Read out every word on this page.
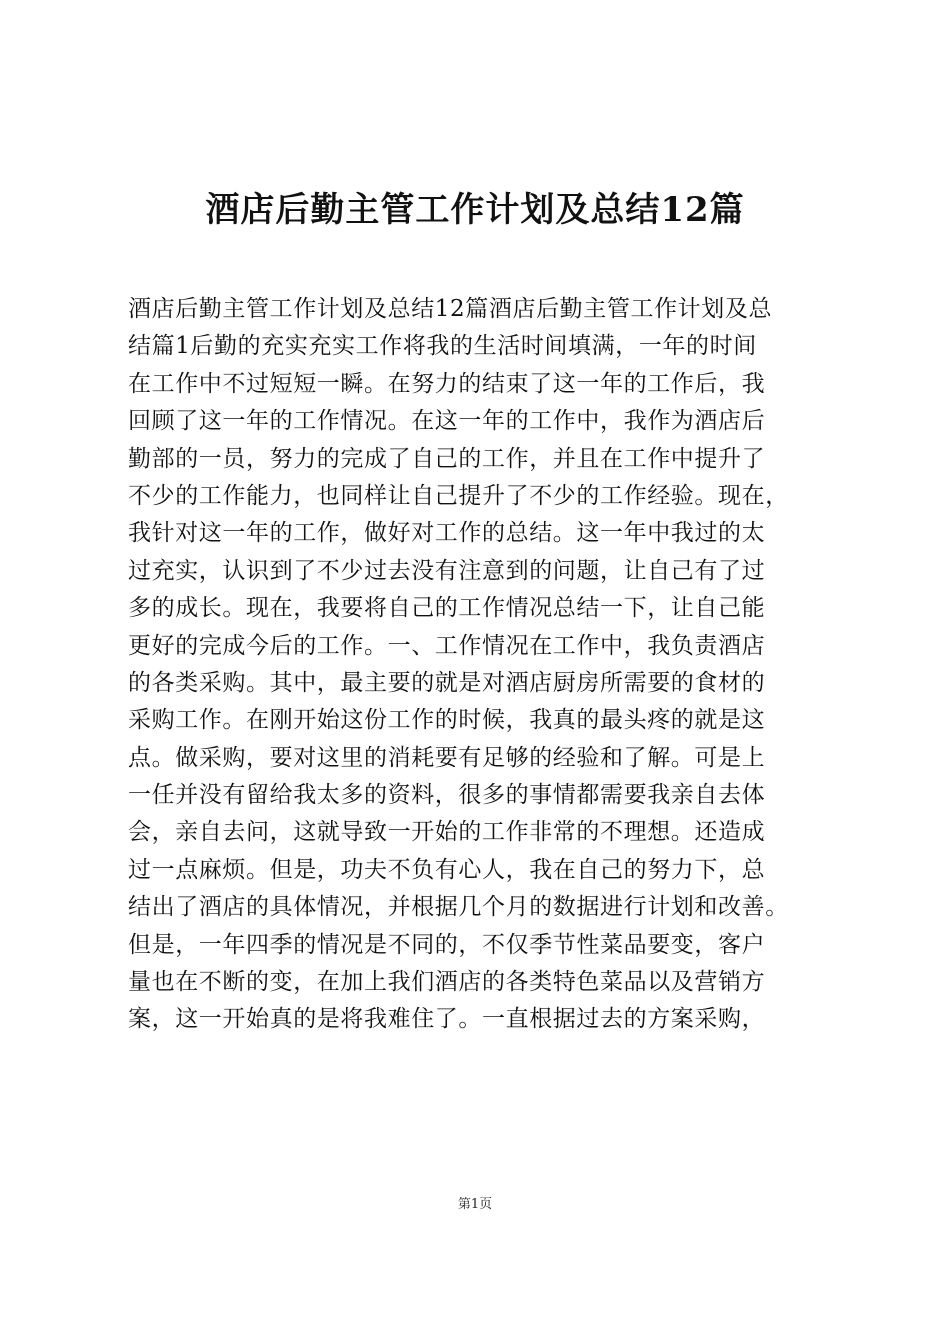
酒店后勤主管工作计划及总结12篇
酒店后勤主管工作计划及总结12篇酒店后勤主管工作计划及总
结篇1后勤的充实充实工作将我的生活时间填满，一年的时间
在工作中不过短短一瞬。在努力的结束了这一年的工作后，我
回顾了这一年的工作情况。在这一年的工作中，我作为酒店后
勤部的一员，努力的完成了自己的工作，并且在工作中提升了
不少的工作能力，也同样让自己提升了不少的工作经验。现在，
我针对这一年的工作，做好对工作的总结。这一年中我过的太
过充实，认识到了不少过去没有注意到的问题，让自己有了过
多的成长。现在，我要将自己的工作情况总结一下，让自己能
更好的完成今后的工作。一、工作情况在工作中，我负责酒店
的各类采购。其中，最主要的就是对酒店厨房所需要的食材的
采购工作。在刚开始这份工作的时候，我真的最头疼的就是这
点。做采购，要对这里的消耗要有足够的经验和了解。可是上
一任并没有留给我太多的资料，很多的事情都需要我亲自去体
会，亲自去问，这就导致一开始的工作非常的不理想。还造成
过一点麻烦。但是，功夫不负有心人，我在自己的努力下，总
结出了酒店的具体情况，并根据几个月的数据进行计划和改善。
但是，一年四季的情况是不同的，不仅季节性菜品要变，客户
量也在不断的变，在加上我们酒店的各类特色菜品以及营销方
案，这一开始真的是将我难住了。一直根据过去的方案采购，
第1页
